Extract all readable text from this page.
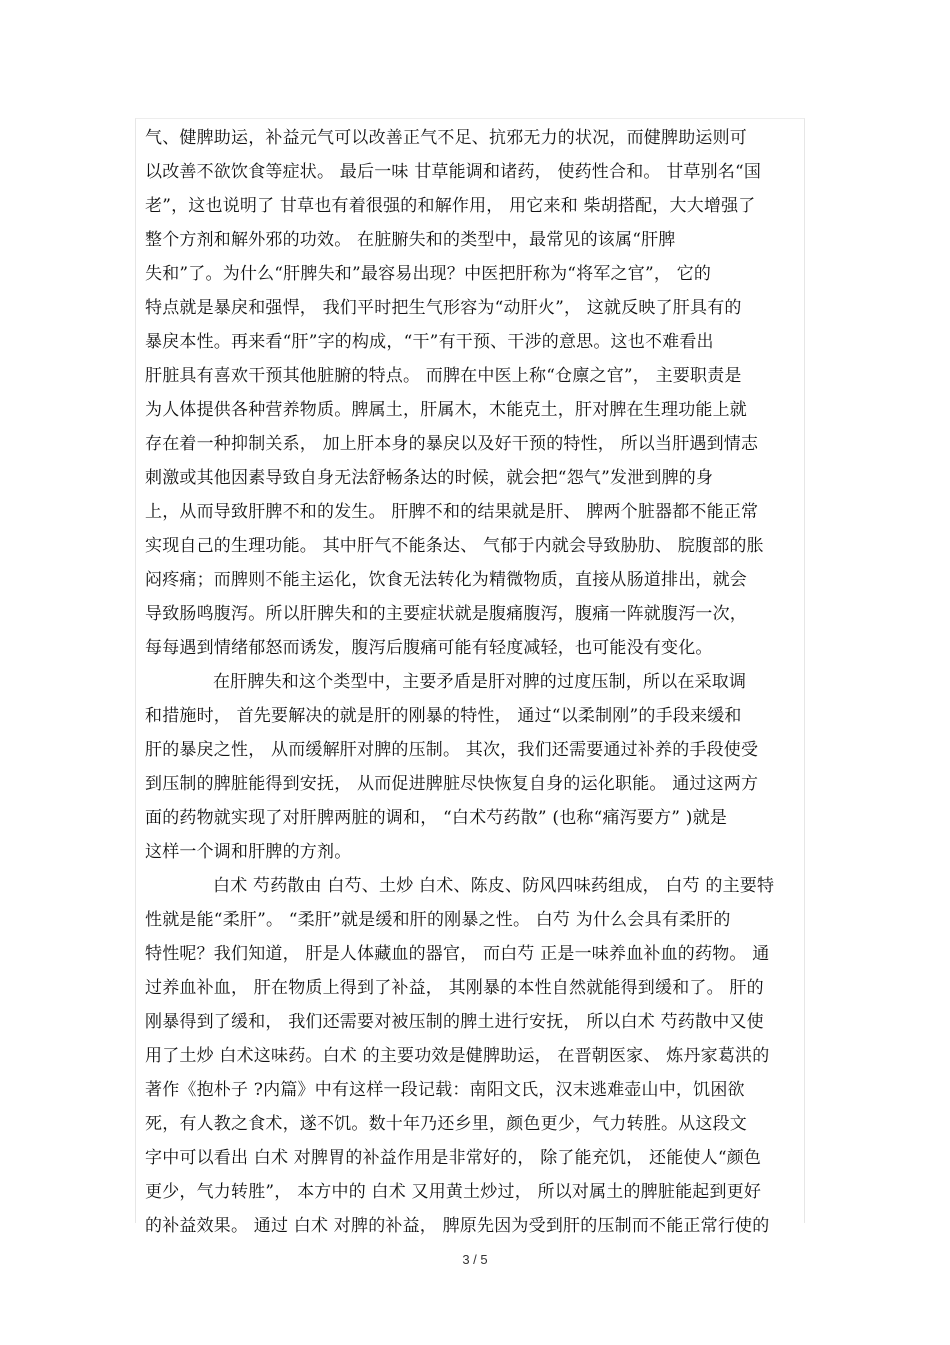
气、健脾助运，补益元气可以改善正气不足、抗邪无力的状况，而健脾助运则可
以改善不欲饮食等症状。 最后一味 甘草能调和诸药， 使药性合和。 甘草别名“国
老”，这也说明了 甘草也有着很强的和解作用， 用它来和 柴胡搭配，大大增强了
整个方剂和解外邪的功效。 在脏腑失和的类型中，最常见的该属“肝脾
失和”了。为什么“肝脾失和”最容易出现？中医把肝称为“将军之官”， 它的
特点就是暴戾和强悍， 我们平时把生气形容为“动肝火”， 这就反映了肝具有的
暴戾本性。再来看“肝”字的构成，“干”有干预、干涉的意思。这也不难看出
肝脏具有喜欢干预其他脏腑的特点。 而脾在中医上称“仓廪之官”， 主要职责是
为人体提供各种营养物质。脾属土，肝属木，木能克土，肝对脾在生理功能上就
存在着一种抑制关系， 加上肝本身的暴戾以及好干预的特性， 所以当肝遇到情志
刺激或其他因素导致自身无法舒畅条达的时候，就会把“怨气”发泄到脾的身
上，从而导致肝脾不和的发生。 肝脾不和的结果就是肝、 脾两个脏器都不能正常
实现自己的生理功能。 其中肝气不能条达、 气郁于内就会导致胁肋、 脘腹部的胀
闷疼痛；而脾则不能主运化，饮食无法转化为精微物质，直接从肠道排出，就会
导致肠鸣腹泻。所以肝脾失和的主要症状就是腹痛腹泻，腹痛一阵就腹泻一次，
每每遇到情绪郁怒而诱发，腹泻后腹痛可能有轻度减轻，也可能没有变化。
在肝脾失和这个类型中，主要矛盾是肝对脾的过度压制，所以在采取调
和措施时， 首先要解决的就是肝的刚暴的特性， 通过“以柔制刚”的手段来缓和
肝的暴戾之性， 从而缓解肝对脾的压制。 其次，我们还需要通过补养的手段使受
到压制的脾脏能得到安抚， 从而促进脾脏尽快恢复自身的运化职能。 通过这两方
面的药物就实现了对肝脾两脏的调和， “白术芍药散” (也称“痛泻要方” )就是
这样一个调和肝脾的方剂。
白术 芍药散由 白芍、土炒 白术、陈皮、防风四味药组成， 白芍 的主要特
性就是能“柔肝”。 “柔肝”就是缓和肝的刚暴之性。 白芍 为什么会具有柔肝的
特性呢？我们知道， 肝是人体藏血的器官， 而白芍 正是一味养血补血的药物。 通
过养血补血， 肝在物质上得到了补益， 其刚暴的本性自然就能得到缓和了。 肝的
刚暴得到了缓和， 我们还需要对被压制的脾土进行安抚， 所以白术 芍药散中又使
用了土炒 白术这味药。白术 的主要功效是健脾助运， 在晋朝医家、 炼丹家葛洪的
著作《抱朴子 ?内篇》中有这样一段记载：南阳文氏，汉末逃难壶山中，饥困欲
死，有人教之食术，遂不饥。数十年乃还乡里，颜色更少，气力转胜。从这段文
字中可以看出 白术 对脾胃的补益作用是非常好的， 除了能充饥， 还能使人“颜色
更少，气力转胜”， 本方中的 白术 又用黄土炒过， 所以对属土的脾脏能起到更好
的补益效果。 通过 白术 对脾的补益， 脾原先因为受到肝的压制而不能正常行使的
3 / 5
